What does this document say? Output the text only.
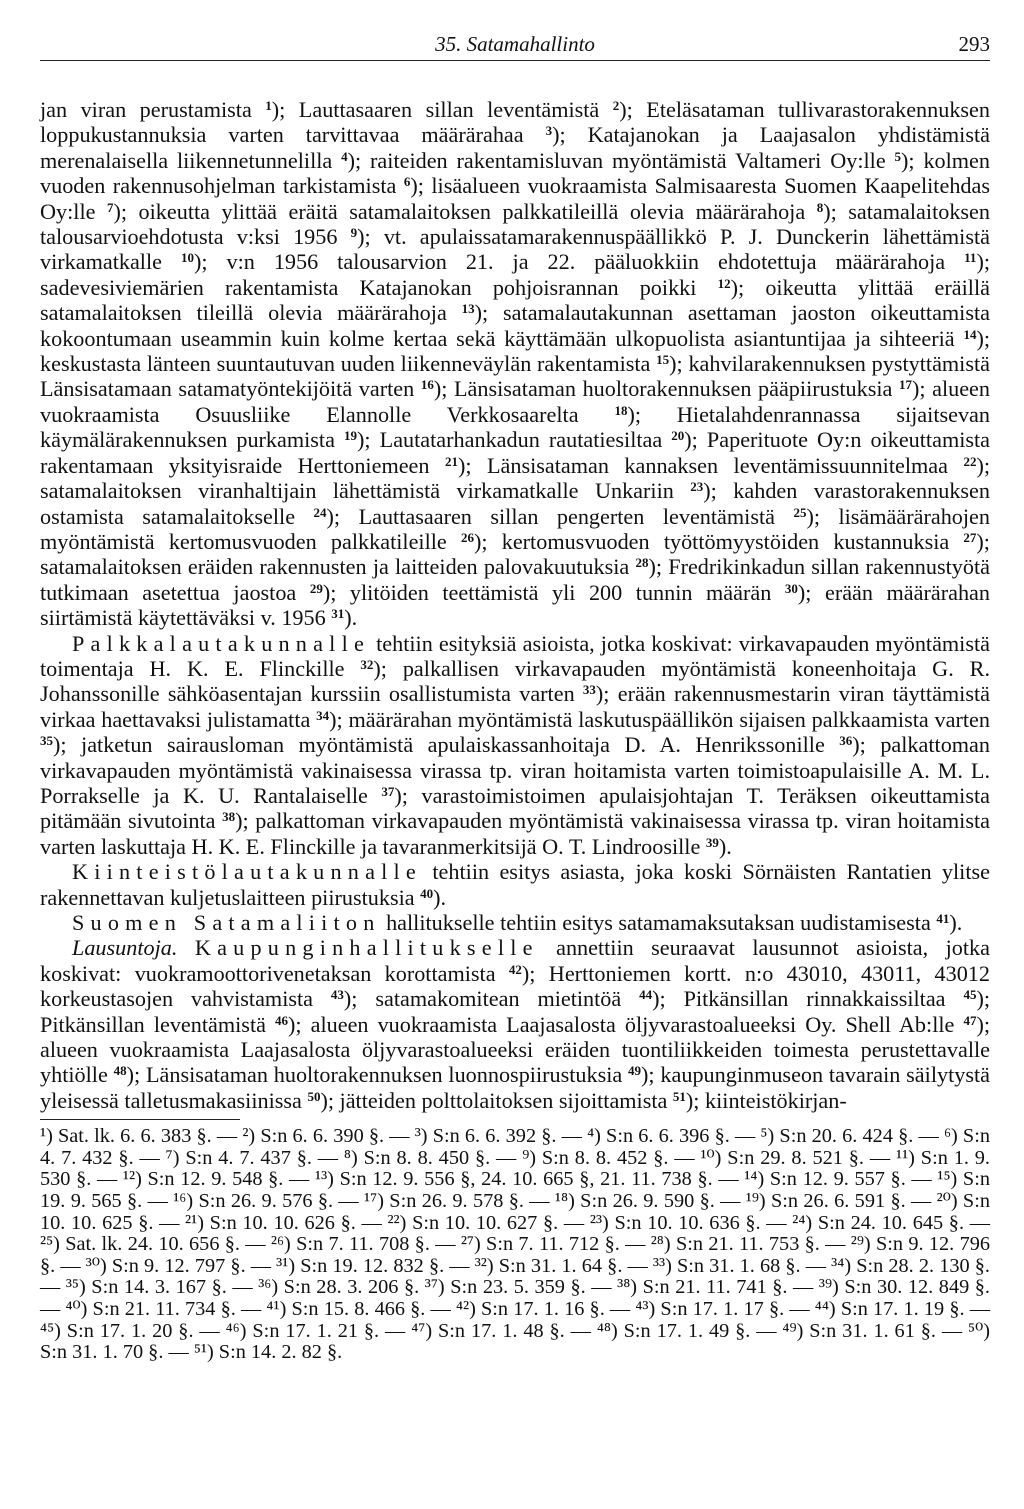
35. Satamahallinto	293

jan viran perustamista $^1$); Lauttasaaren sillan leventämistä $^2$); Eteläsataman tullivarastorakennuksen loppukustannuksia varten tarvittavaa määrärahaa $^3$); Katajanokan ja Laajasalon yhdistämistä merenalaisella liikennetunnelilla $^4$); raiteiden rakentamisluvan myöntämistä Valtameri Oy:lle $^5$); kolmen vuoden rakennusohjelman tarkistamista $^6$); lisäalueen vuokraamista Salmisaaresta Suomen Kaapelitehdas Oy:lle $^7$); oikeutta ylittää eräitä satamalaitoksen palkkatileillä olevia määrärahoja $^8$); satamalaitoksen talousarvioehdotusta v:ksi 1956 $^9$); vt. apulaissatamarakennuspäällikkö P. J. Dunckerin lähettämistä virkamatkalle $^{10}$); v:n 1956 talousarvion 21. ja 22. pääluokkiin ehdotettuja määrärahoja $^{11}$); sadevesiviemärien rakentamista Katajanokan pohjoisrannan poikki $^{12}$); oikeutta ylittää eräillä satamalaitoksen tileillä olevia määrärahoja $^{13}$); satamalautakunnan asettaman jaoston oikeuttamista kokoontumaan useammin kuin kolme kertaa sekä käyttämään ulkopuolista asiantuntijaa ja sihteeriä $^{14}$); keskustasta länteen suuntautuvan uuden liikenneväylän rakentamista $^{15}$); kahvilarakennuksen pystyttämistä Länsisatamaan satamatyöntekijöitä varten $^{16}$); Länsisataman huoltorakennuksen pääpiirustuksia $^{17}$); alueen vuokraamista Osuusliike Elannolle Verkkosaarelta $^{18}$); Hietalahdenrannassa sijaitsevan käymälärakennuksen purkamista $^{19}$); Lautatarhankadun rautatiesiltaa $^{20}$); Paperituote Oy:n oikeuttamista rakentamaan yksityisraide Herttoniemeen $^{21}$); Länsisataman kannaksen leventämissuunnitelmaa $^{22}$); satamalaitoksen viranhaltijain lähettämistä virkamatkalle Unkariin $^{23}$); kahden varastorakennuksen ostamista satamalaitokselle $^{24}$); Lauttasaaren sillan pengerten leventämistä $^{25}$); lisämäärärahojen myöntämistä kertomusvuoden palkkatileille $^{26}$); kertomusvuoden työttömyystöiden kustannuksia $^{27}$); satamalaitoksen eräiden rakennusten ja laitteiden palovakuutuksia $^{28}$); Fredrikinkadun sillan rakennustyötä tutkimaan asetettua jaostoa $^{29}$); ylitöiden teettämistä yli 200 tunnin määrän $^{30}$); erään määrärahan siirtämistä käytettäväksi v. 1956 $^{31}$).

Palkkalautakunnalle tehtiin esityksiä asioista, jotka koskivat: virkavapauden myöntämistä toimentaja H. K. E. Flinckille $^{32}$); palkallisen virkavapauden myöntämistä koneenhoitaja G. R. Johanssonille sähköasentajan kurssiin osallistumista varten $^{33}$); erään rakennusmestarin viran täyttämistä virkaa haettavaksi julistamatta $^{34}$); määrärahan myöntämistä laskutuspäällikön sijaisen palkkaamista varten $^{35}$); jatketun sairausloman myöntämistä apulaiskassanhoitaja D. A. Henrikssonille $^{36}$); palkattoman virkavapauden myöntämistä vakinaisessa virassa tp. viran hoitamista varten toimistoapulaisille A. M. L. Porrakselle ja K. U. Rantalaiselle $^{37}$); varastoimistoimen apulaisjohtajan T. Teräksen oikeuttamista pitämään sivutointa $^{38}$); palkattoman virkavapauden myöntämistä vakinaisessa virassa tp. viran hoitamista varten laskuttaja H. K. E. Flinckille ja tavaranmerkitsijä O. T. Lindroosille $^{39}$).

Kiinteistölautakunnalle tehtiin esitys asiasta, joka koski Sörnäisten Rantatien ylitse rakennettavan kuljetuslaitteen piirustuksia $^{40}$).

Suomen Satamaliiton hallitukselle tehtiin esitys satamamaksutaksan uudistamisesta $^{41}$).

Lausuntoja. Kaupunginhallitukselle annettiin seuraavat lausunnot asioista, jotka koskivat: vuokramoottorivenetaksan korottamista $^{42}$); Herttoniemen kortt. n:o 43010, 43011, 43012 korkeustasojen vahvistamista $^{43}$); satamakomitean mietintöä $^{44}$); Pitkänsillan rinnakkaissiltaa $^{45}$); Pitkänsillan leventämistä $^{46}$); alueen vuokraamista Laajasalosta öljyvarastoalueeksi Oy. Shell Ab:lle $^{47}$); alueen vuokraamista Laajasalosta öljyvarastoalueeksi eräiden tuontiliikkeiden toimesta perustettavalle yhtiölle $^{48}$); Länsisataman huoltorakennuksen luonnospiirustuksia $^{49}$); kaupunginmuseon tavarain säilytystä yleisessä talletusmakasiinissa $^{50}$); jätteiden polttolaitoksen sijoittamista $^{51}$); kiinteistökirjan-

¹) Sat. lk. 6. 6. 383 §. — ²) S:n 6. 6. 390 §. — ³) S:n 6. 6. 392 §. — ⁴) S:n 6. 6. 396 §. — ⁵) S:n 20. 6. 424 §. — ⁶) S:n 4. 7. 432 §. — ⁷) S:n 4. 7. 437 §. — ⁸) S:n 8. 8. 450 §. — ⁹) S:n 8. 8. 452 §. — ¹⁰) S:n 29. 8. 521 §. — ¹¹) S:n 1. 9. 530 §. — ¹²) S:n 12. 9. 548 §. — ¹³) S:n 12. 9. 556 §, 24. 10. 665 §, 21. 11. 738 §. — ¹⁴) S:n 12. 9. 557 §. — ¹⁵) S:n 19. 9. 565 §. — ¹⁶) S:n 26. 9. 576 §. — ¹⁷) S:n 26. 9. 578 §. — ¹⁸) S:n 26. 9. 590 §. — ¹⁹) S:n 26. 6. 591 §. — ²⁰) S:n 10. 10. 625 §. — ²¹) S:n 10. 10. 626 §. — ²²) S:n 10. 10. 627 §. — ²³) S:n 10. 10. 636 §. — ²⁴) S:n 24. 10. 645 §. — ²⁵) Sat. lk. 24. 10. 656 §. — ²⁶) S:n 7. 11. 708 §. — ²⁷) S:n 7. 11. 712 §. — ²⁸) S:n 21. 11. 753 §. — ²⁹) S:n 9. 12. 796 §. — ³⁰) S:n 9. 12. 797 §. — ³¹) S:n 19. 12. 832 §. — ³²) S:n 31. 1. 64 §. — ³³) S:n 31. 1. 68 §. — ³⁴) S:n 28. 2. 130 §. — ³⁵) S:n 14. 3. 167 §. — ³⁶) S:n 28. 3. 206 §. ³⁷) S:n 23. 5. 359 §. — ³⁸) S:n 21. 11. 741 §. — ³⁹) S:n 30. 12. 849 §. — ⁴⁰) S:n 21. 11. 734 §. — ⁴¹) S:n 15. 8. 466 §. — ⁴²) S:n 17. 1. 16 §. — ⁴³) S:n 17. 1. 17 §. — ⁴⁴) S:n 17. 1. 19 §. — ⁴⁵) S:n 17. 1. 20 §. — ⁴⁶) S:n 17. 1. 21 §. — ⁴⁷) S:n 17. 1. 48 §. — ⁴⁸) S:n 17. 1. 49 §. — ⁴⁹) S:n 31. 1. 61 §. — ⁵⁰) S:n 31. 1. 70 §. — ⁵¹) S:n 14. 2. 82 §.
